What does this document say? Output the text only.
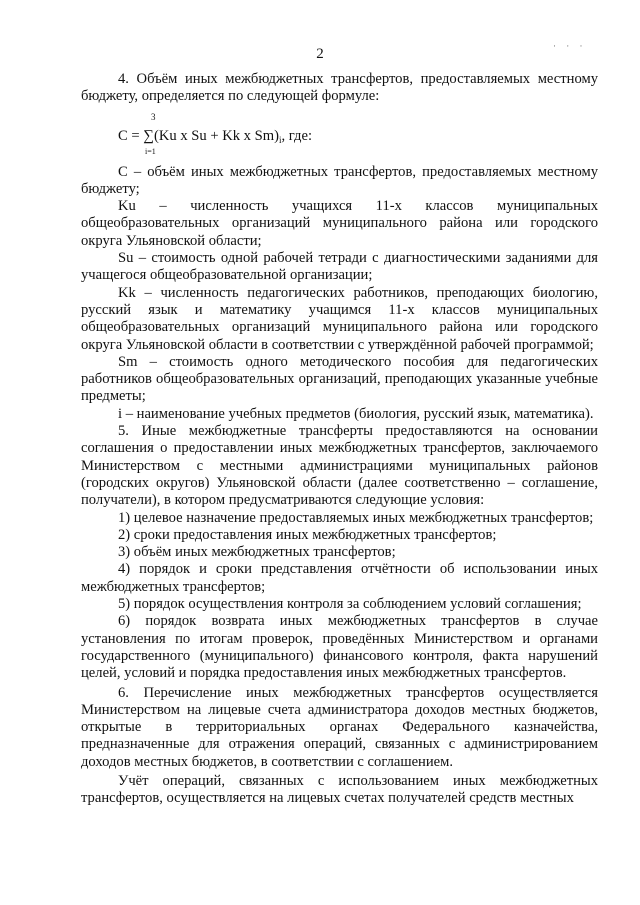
2	· · ·

4. Объём иных межбюджетных трансфертов, предоставляемых местному бюджету, определяется по следующей формуле:

3
C = ∑(Ku x Su + Kk x $Sm)_i$, где:
i=1

С – объём иных межбюджетных трансфертов, предоставляемых местному бюджету;

Ku – численность учащихся 11-х классов муниципальных общеобразовательных организаций муниципального района или городского округа Ульяновской области;

Su – стоимость одной рабочей тетради с диагностическими заданиями для учащегося общеобразовательной организации;

Kk – численность педагогических работников, преподающих биологию, русский язык и математику учащимся 11-х классов муниципальных общеобразовательных организаций муниципального района или городского округа Ульяновской области в соответствии с утверждённой рабочей программой;

Sm – стоимость одного методического пособия для педагогических работников общеобразовательных организаций, преподающих указанные учебные предметы;

i – наименование учебных предметов (биология, русский язык, математика).

5. Иные межбюджетные трансферты предоставляются на основании соглашения о предоставлении иных межбюджетных трансфертов, заключаемого Министерством с местными администрациями муниципальных районов (городских округов) Ульяновской области (далее соответственно – соглашение, получатели), в котором предусматриваются следующие условия:

1) целевое назначение предоставляемых иных межбюджетных трансфертов;

2) сроки предоставления иных межбюджетных трансфертов;

3) объём иных межбюджетных трансфертов;

4) порядок и сроки представления отчётности об использовании иных межбюджетных трансфертов;

5) порядок осуществления контроля за соблюдением условий соглашения;

6) порядок возврата иных межбюджетных трансфертов в случае установления по итогам проверок, проведённых Министерством и органами государственного (муниципального) финансового контроля, факта нарушений целей, условий и порядка предоставления иных межбюджетных трансфертов.

6. Перечисление иных межбюджетных трансфертов осуществляется Министерством на лицевые счета администратора доходов местных бюджетов, открытые в территориальных органах Федерального казначейства, предназначенные для отражения операций, связанных с администрированием доходов местных бюджетов, в соответствии с соглашением.

Учёт операций, связанных с использованием иных межбюджетных трансфертов, осуществляется на лицевых счетах получателей средств местных
